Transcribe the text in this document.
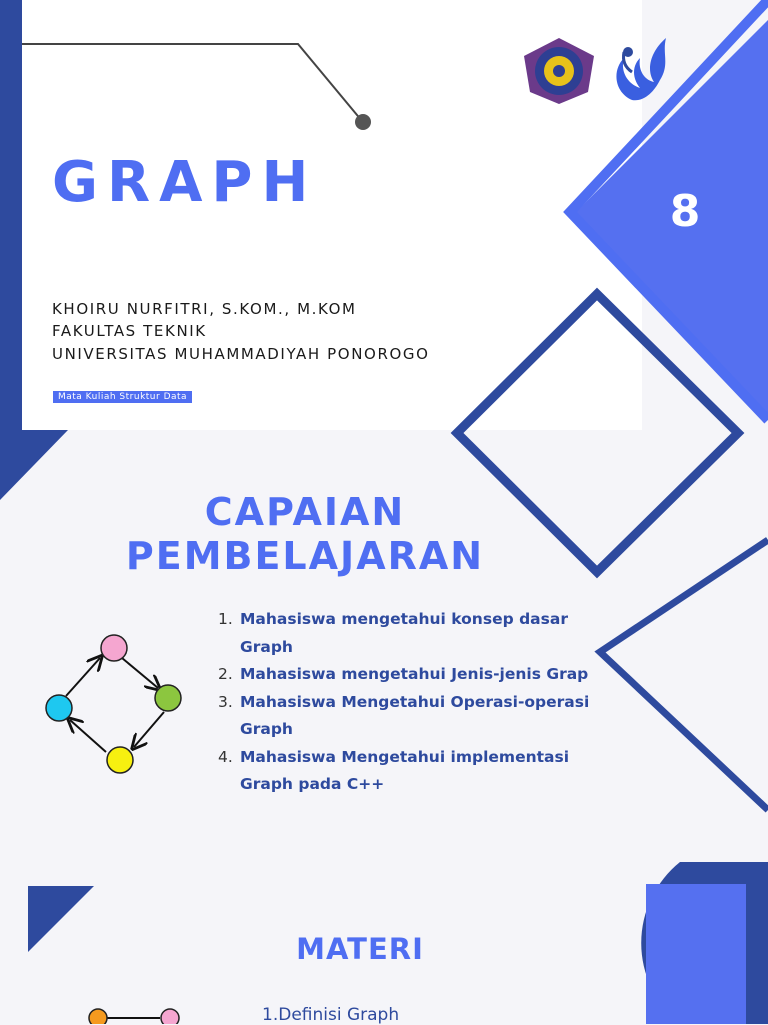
GRAPH
KHOIRU NURFITRI, S.KOM., M.KOM
FAKULTAS TEKNIK
UNIVERSITAS MUHAMMADIYAH PONOROGO
Mata Kuliah Struktur Data
8
CAPAIAN
PEMBELAJARAN
1. Mahasiswa mengetahui konsep dasar Graph
2. Mahasiswa mengetahui Jenis-jenis Grap
3. Mahasiswa Mengetahui Operasi-operasi Graph
4. Mahasiswa Mengetahui implementasi Graph pada C++
MATERI
1.Definisi Graph
